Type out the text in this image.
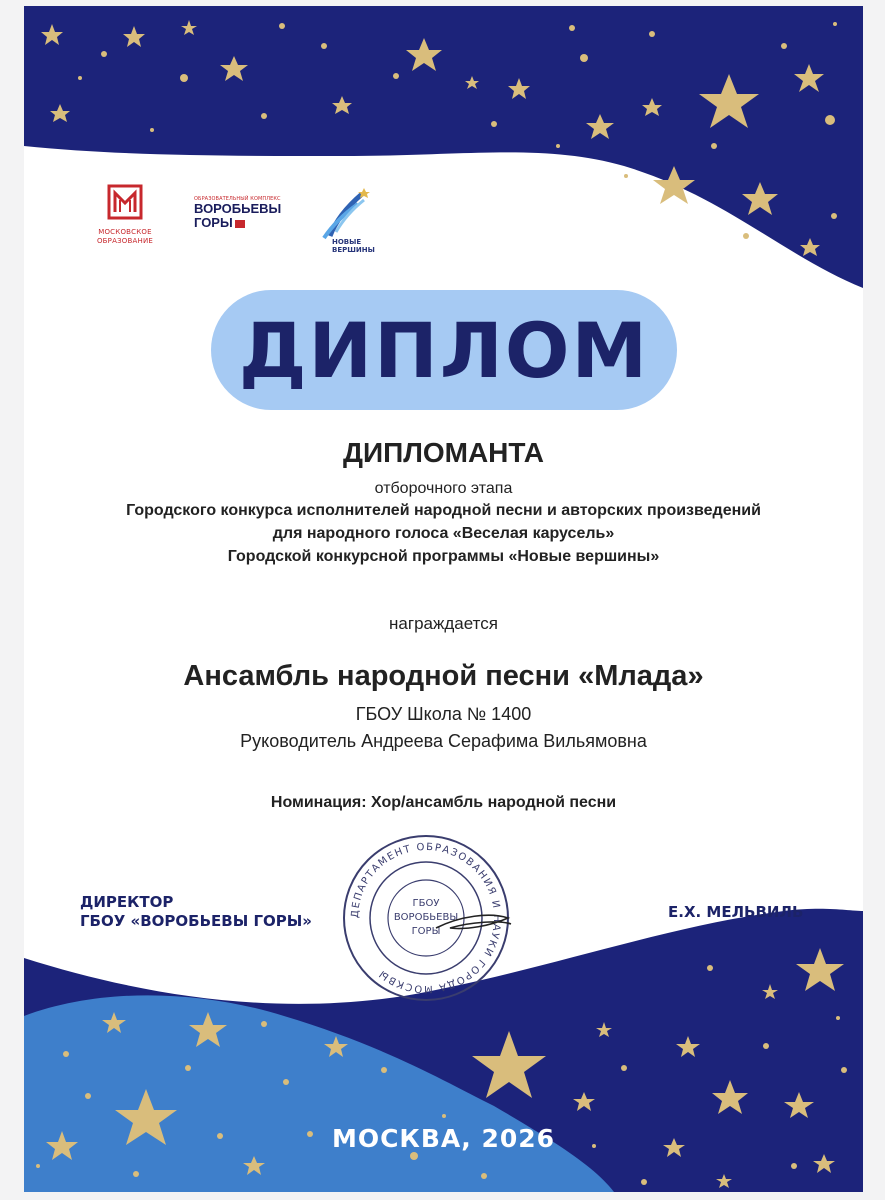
МОСКОВСКОЕ
ОБРАЗОВАНИЕ
ОБРАЗОВАТЕЛЬНЫЙ КОМПЛЕКС
ВОРОБЬЕВЫ
ГОРЫ
НОВЫЕ
ВЕРШИНЫ
ДИПЛОМ
ДИПЛОМАНТА
отборочного этапа
Городского конкурса исполнителей народной песни и авторских произведений
для народного голоса «Веселая карусель»
Городской конкурсной программы «Новые вершины»
награждается
Ансамбль народной песни «Млада»
ГБОУ Школа № 1400
Руководитель Андреева Серафима Вильямовна
Номинация: Хор/ансамбль народной песни
ДИРЕКТОР
ГБОУ «ВОРОБЬЕВЫ ГОРЫ»	Е.Х. МЕЛЬВИЛЬ
ДЕПАРТАМЕНТ ОБРАЗОВАНИЯ И НАУКИ ГОРОДА МОСКВЫ
ГБОУ
ВОРОБЬЕВЫ
ГОРЫ
МОСКВА, 2026
